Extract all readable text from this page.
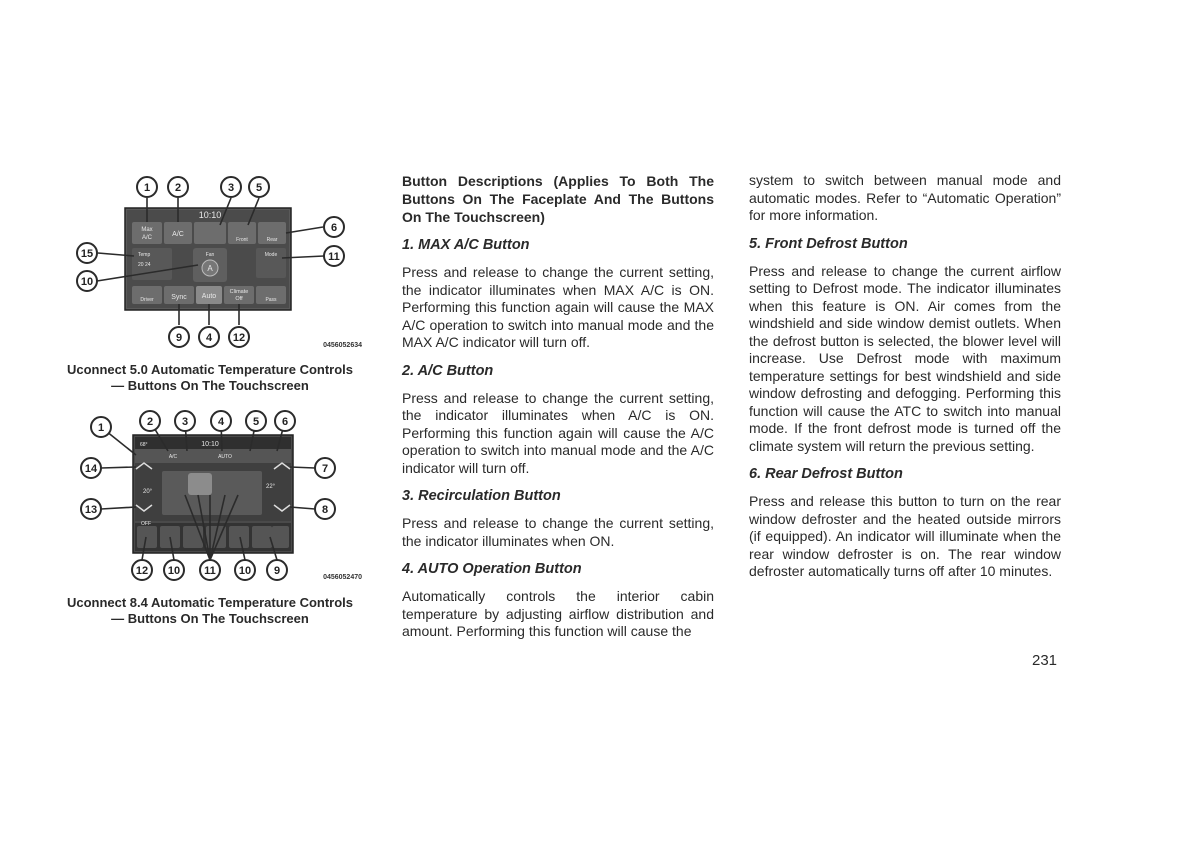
10:10
Max
A/C	A/C
Front	Rear
Temp
20 24
Fan
A
Mode
Driver	Sync Auto
Climate
Off	Pass
1 2	3 5
6
15	11
10
9 4 12
0456052634
Uconnect 5.0 Automatic Temperature Controls
— Buttons On The Touchscreen
68°	10:10
A/C	AUTO
20°
22°
OFF
1	2	3	4	5 6
14	7
13	8
12 10 11 10 9
0456052470
Uconnect 8.4 Automatic Temperature Controls
— Buttons On The Touchscreen
Button Descriptions (Applies To Both The Buttons On The Faceplate And The Buttons On The Touchscreen)
1. MAX A/C Button

Press and release to change the current setting, the indicator illuminates when MAX A/C is ON. Performing this function again will cause the MAX A/C operation to switch into manual mode and the MAX A/C indicator will turn off.

2. A/C Button

Press and release to change the current setting, the indicator illuminates when A/C is ON. Performing this function again will cause the A/C operation to switch into manual mode and the A/C indicator will turn off.

3. Recirculation Button

Press and release to change the current setting, the indicator illuminates when ON.

4. AUTO Operation Button

Automatically controls the interior cabin temperature by adjusting airflow distribution and amount. Performing this function will cause the

system to switch between manual mode and automatic modes. Refer to “Automatic Operation” for more information.

5. Front Defrost Button

Press and release to change the current airflow setting to Defrost mode. The indicator illuminates when this feature is ON. Air comes from the windshield and side window demist outlets. When the defrost button is selected, the blower level will increase. Use Defrost mode with maximum temperature settings for best windshield and side window defrosting and defogging. Performing this function will cause the ATC to switch into manual mode. If the front defrost mode is turned off the climate system will return the previous setting.

6. Rear Defrost Button

Press and release this button to turn on the rear window defroster and the heated outside mirrors (if equipped). An indicator will illuminate when the rear window defroster is on. The rear window defroster automatically turns off after 10 minutes.

231
